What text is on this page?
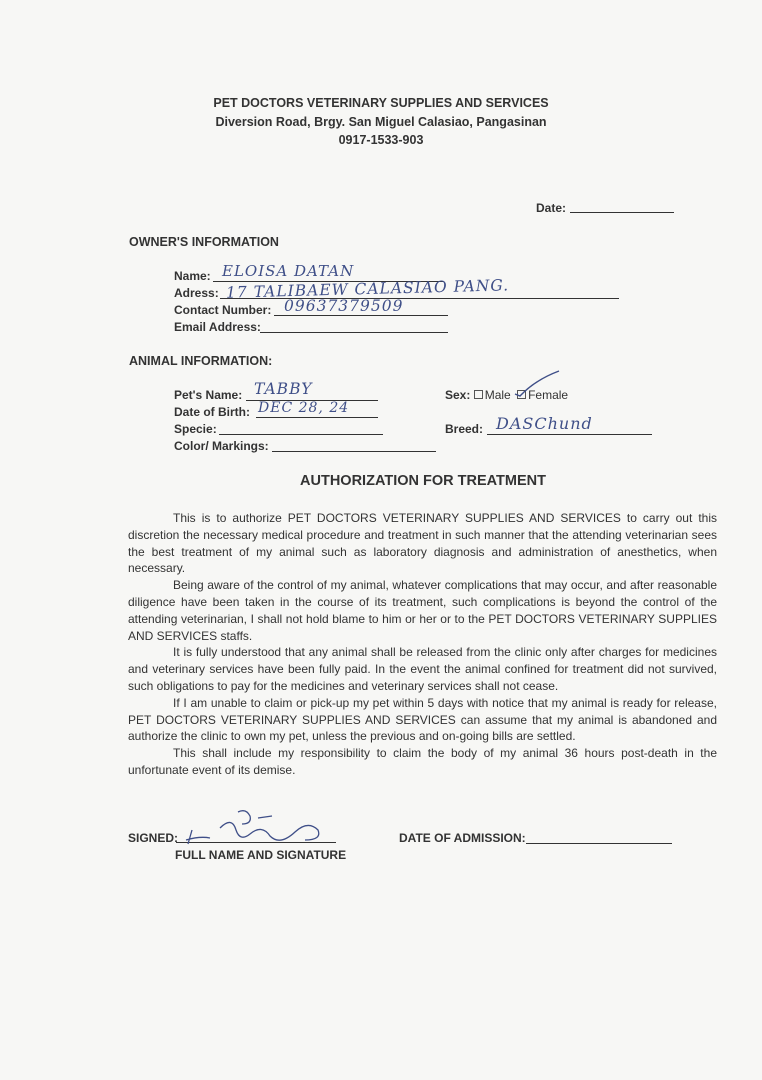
PET DOCTORS VETERINARY SUPPLIES AND SERVICES
Diversion Road, Brgy. San Miguel Calasiao, Pangasinan
0917-1533-903
Date:
OWNER'S INFORMATION
Name: ELOISA DATAN
Adress: 17 TALIBAEW CALASIAO PANG.
Contact Number: 09637379509
Email Address:
ANIMAL INFORMATION:
Pet's Name: TABBY
Date of Birth: DEC 28, 24
Specie:
Color/ Markings:
Sex: Male Female
Breed: DASChund
AUTHORIZATION FOR TREATMENT

This is to authorize PET DOCTORS VETERINARY SUPPLIES AND SERVICES to carry out this discretion the necessary medical procedure and treatment in such manner that the attending veterinarian sees the best treatment of my animal such as laboratory diagnosis and administration of anesthetics, when necessary.

Being aware of the control of my animal, whatever complications that may occur, and after reasonable diligence have been taken in the course of its treatment, such complications is beyond the control of the attending veterinarian, I shall not hold blame to him or her or to the PET DOCTORS VETERINARY SUPPLIES AND SERVICES staffs.

It is fully understood that any animal shall be released from the clinic only after charges for medicines and veterinary services have been fully paid. In the event the animal confined for treatment did not survived, such obligations to pay for the medicines and veterinary services shall not cease.

If I am unable to claim or pick-up my pet within 5 days with notice that my animal is ready for release, PET DOCTORS VETERINARY SUPPLIES AND SERVICES can assume that my animal is abandoned and authorize the clinic to own my pet, unless the previous and on-going bills are settled.

This shall include my responsibility to claim the body of my animal 36 hours post-death in the unfortunate event of its demise.

SIGNED:
FULL NAME AND SIGNATURE
DATE OF ADMISSION:
